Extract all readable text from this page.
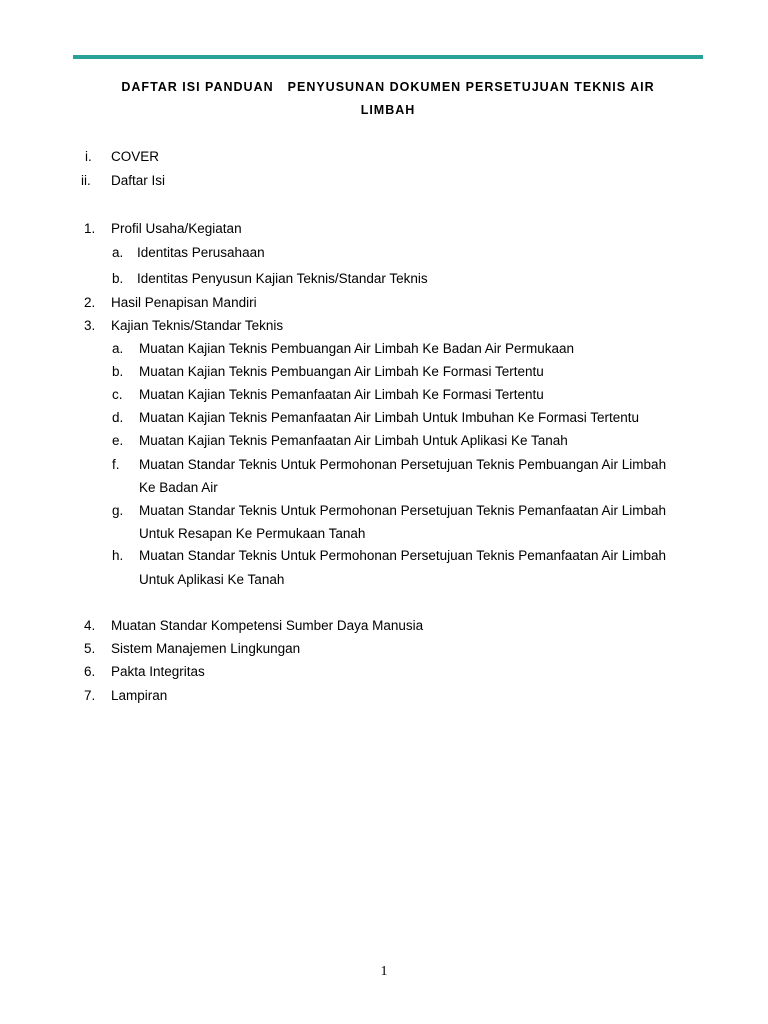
DAFTAR ISI PANDUAN PENYUSUNAN DOKUMEN PERSETUJUAN TEKNIS AIR
LIMBAH
i. COVER
ii. Daftar Isi
1. Profil Usaha/Kegiatan
a. Identitas Perusahaan
b. Identitas Penyusun Kajian Teknis/Standar Teknis
2. Hasil Penapisan Mandiri
3. Kajian Teknis/Standar Teknis
a. Muatan Kajian Teknis Pembuangan Air Limbah Ke Badan Air Permukaan
b. Muatan Kajian Teknis Pembuangan Air Limbah Ke Formasi Tertentu
c. Muatan Kajian Teknis Pemanfaatan Air Limbah Ke Formasi Tertentu
d. Muatan Kajian Teknis Pemanfaatan Air Limbah Untuk Imbuhan Ke Formasi Tertentu
e. Muatan Kajian Teknis Pemanfaatan Air Limbah Untuk Aplikasi Ke Tanah
f. Muatan Standar Teknis Untuk Permohonan Persetujuan Teknis Pembuangan Air Limbah
Ke Badan Air
g. Muatan Standar Teknis Untuk Permohonan Persetujuan Teknis Pemanfaatan Air Limbah
Untuk Resapan Ke Permukaan Tanah
h. Muatan Standar Teknis Untuk Permohonan Persetujuan Teknis Pemanfaatan Air Limbah
Untuk Aplikasi Ke Tanah
4. Muatan Standar Kompetensi Sumber Daya Manusia
5. Sistem Manajemen Lingkungan
6. Pakta Integritas
7. Lampiran
1
